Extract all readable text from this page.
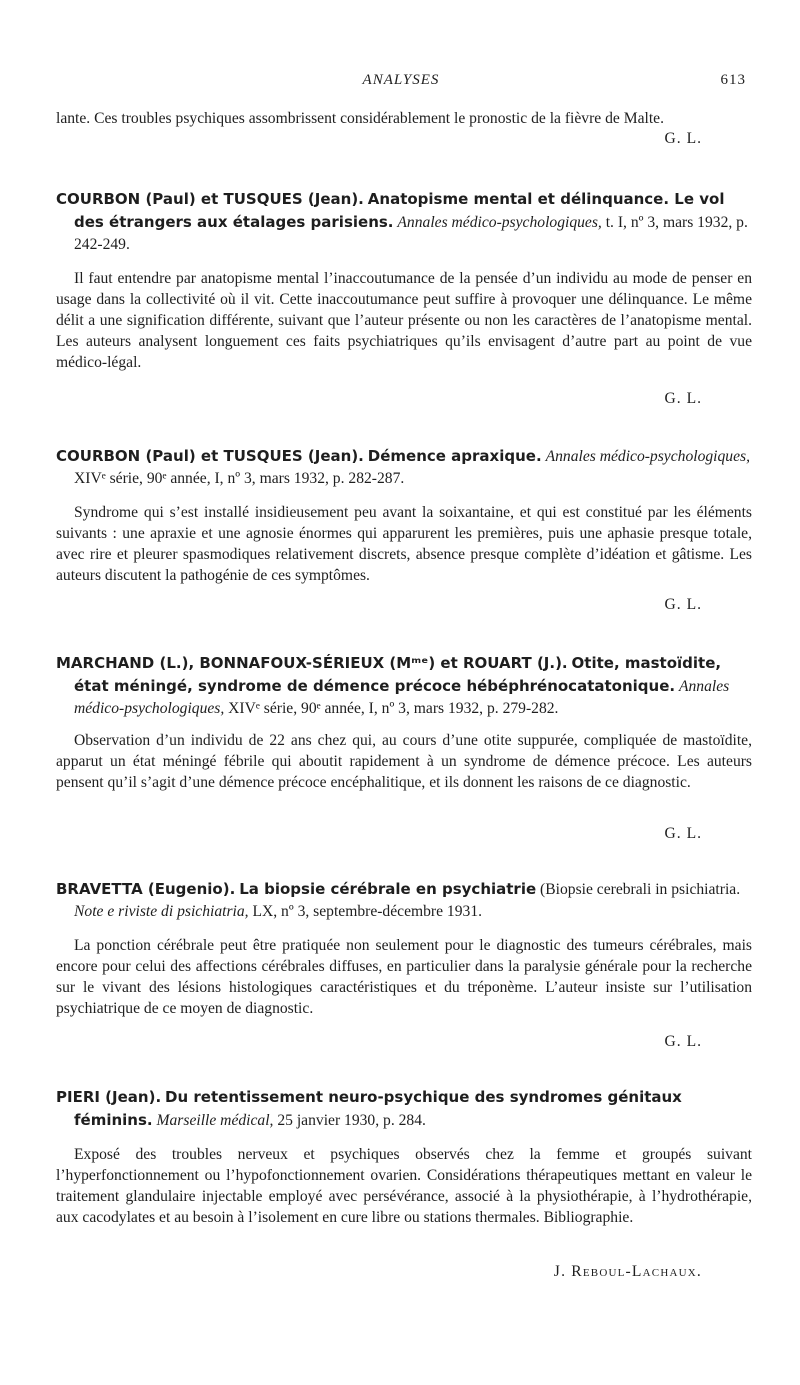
ANALYSES	613

lante. Ces troubles psychiques assombrissent considérablement le pronostic de la fièvre de Malte.

G. L.

COURBON (Paul) et TUSQUES (Jean). Anatopisme mental et délinquance. Le vol des étrangers aux étalages parisiens. Annales médico-psychologiques, t. I, nº 3, mars 1932, p. 242-249.

Il faut entendre par anatopisme mental l’inaccoutumance de la pensée d’un individu au mode de penser en usage dans la collectivité où il vit. Cette inaccoutumance peut suffire à provoquer une délinquance. Le même délit a une signification différente, suivant que l’auteur présente ou non les caractères de l’anatopisme mental. Les auteurs analysent longuement ces faits psychiatriques qu’ils envisagent d’autre part au point de vue médico-légal.

G. L.

COURBON (Paul) et TUSQUES (Jean). Démence apraxique. Annales médico-psychologiques, XIVᵉ série, 90ᵉ année, I, nº 3, mars 1932, p. 282-287.

Syndrome qui s’est installé insidieusement peu avant la soixantaine, et qui est constitué par les éléments suivants : une apraxie et une agnosie énormes qui apparurent les premières, puis une aphasie presque totale, avec rire et pleurer spasmodiques relativement discrets, absence presque complète d’idéation et gâtisme. Les auteurs discutent la pathogénie de ces symptômes.

G. L.

MARCHAND (L.), BONNAFOUX-SÉRIEUX (Mᵐᵉ) et ROUART (J.). Otite, mastoïdite, état méningé, syndrome de démence précoce hébéphrénocatatonique. Annales médico-psychologiques, XIVᵉ série, 90ᵉ année, I, nº 3, mars 1932, p. 279-282.

Observation d’un individu de 22 ans chez qui, au cours d’une otite suppurée, compliquée de mastoïdite, apparut un état méningé fébrile qui aboutit rapidement à un syndrome de démence précoce. Les auteurs pensent qu’il s’agit d’une démence précoce encéphalitique, et ils donnent les raisons de ce diagnostic.

G. L.

BRAVETTA (Eugenio). La biopsie cérébrale en psychiatrie (Biopsie cerebrali in psichiatria. Note e riviste di psichiatria, LX, nº 3, septembre-décembre 1931.

La ponction cérébrale peut être pratiquée non seulement pour le diagnostic des tumeurs cérébrales, mais encore pour celui des affections cérébrales diffuses, en particulier dans la paralysie générale pour la recherche sur le vivant des lésions histologiques caractéristiques et du tréponème. L’auteur insiste sur l’utilisation psychiatrique de ce moyen de diagnostic.

G. L.

PIERI (Jean). Du retentissement neuro-psychique des syndromes génitaux féminins. Marseille médical, 25 janvier 1930, p. 284.

Exposé des troubles nerveux et psychiques observés chez la femme et groupés suivant l’hyperfonctionnement ou l’hypofonctionnement ovarien. Considérations thérapeutiques mettant en valeur le traitement glandulaire injectable employé avec persévérance, associé à la physiothérapie, à l’hydrothérapie, aux cacodylates et au besoin à l’isolement en cure libre ou stations thermales. Bibliographie.

J. Reboul-Lachaux.
